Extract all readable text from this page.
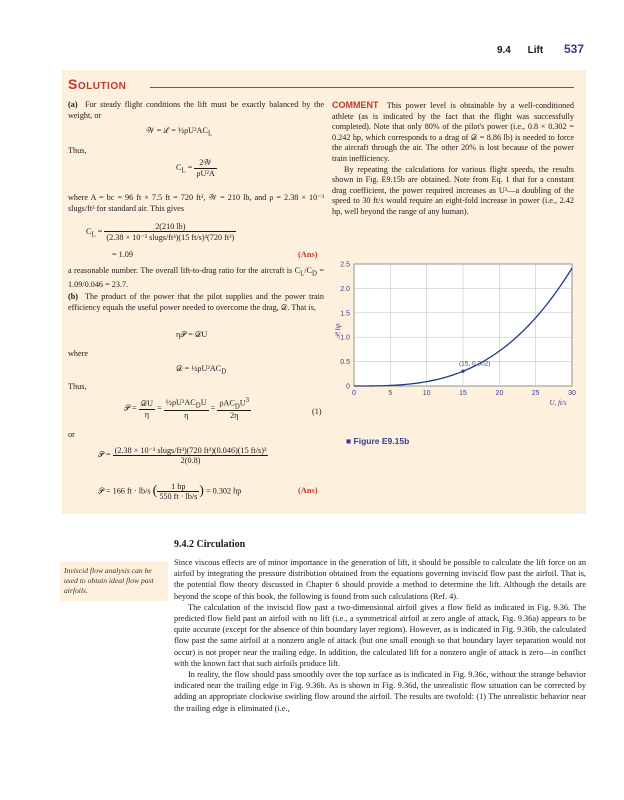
9.4 Lift 537
Solution
(a) For steady flight conditions the lift must be exactly balanced by the weight, or
𝒲 = ℒ = $\frac{1}{2}\rho U^2AC_L$
Thus,
$C_L = \frac{\text{2𝒲}}{\text{ρU²A}}$
where A = bc = 96 ft × 7.5 ft = 720 ft², 𝒲 = 210 lb, and ρ = 2.38 × 10⁻³ slugs/ft³ for standard air. This gives
$C_L = \frac{2(210 lb)}{\text{(2.38 × 10⁻³ slugs/ft³)(15 ft/s)²(720 ft²)}}$
= 1.09	(Ans)
a reasonable number. The overall lift-to-drag ratio for the aircraft is $C_L/C_D = 1.09/0.046 = 23.7$.
(b) The product of the power that the pilot supplies and the power train efficiency equals the useful power needed to overcome the drag, 𝒟. That is,
η𝒫 = 𝒟U
where
𝒟 = $\frac{1}{2}\rho U^2AC_D$
Thus,
𝒫 = $\frac{\text{𝒟U}}{\eta} = \frac{\frac{1}{2}\rho U^2AC_DU}{\eta} = \frac{\rho AC_DU^3}{2\eta}$	(1)
or
𝒫 = $\frac{\text{(2.38 × 10⁻³ slugs/ft³)(720 ft²)(0.046)(15 ft/s)³}}{2(0.8)}$
𝒫 = 166 ft · lb/s ( $\frac{1 hp}{550 ft \cdot lb/s}$ ) = 0.302 hp	(Ans)
COMMENT This power level is obtainable by a well-conditioned athlete (as is indicated by the fact that the flight was successfully completed). Note that only 80% of the pilot's power (i.e., 0.8 × 0.302 = 0.242 hp, which corresponds to a drag of 𝒟 = 8.86 lb) is needed to force the aircraft through the air. The other 20% is lost because of the power train inefficiency.
By repeating the calculations for various flight speeds, the results shown in Fig. E9.15b are obtained. Note from Eq. 1 that for a constant drag coefficient, the power required increases as U³—a doubling of the speed to 30 ft/s would require an eight-fold increase in power (i.e., 2.42 hp, well beyond the range of any human).
0	5	10	15	20	25	30
0
0.5
1.0
1.5
2.0
2.5
U, ft/s
𝒫, hp
(15, 0.302)
■ Figure E9.15b
9.4.2 Circulation
Inviscid flow analysis can be used to obtain ideal flow past airfoils.

Since viscous effects are of minor importance in the generation of lift, it should be possible to calculate the lift force on an airfoil by integrating the pressure distribution obtained from the equations governing inviscid flow past the airfoil. That is, the potential flow theory discussed in Chapter 6 should provide a method to determine the lift. Although the details are beyond the scope of this book, the following is found from such calculations (Ref. 4).

The calculation of the inviscid flow past a two-dimensional airfoil gives a flow field as indicated in Fig. 9.36. The predicted flow field past an airfoil with no lift (i.e., a symmetrical airfoil at zero angle of attack, Fig. 9.36a) appears to be quite accurate (except for the absence of thin boundary layer regions). However, as is indicated in Fig. 9.36b, the calculated flow past the same airfoil at a nonzero angle of attack (but one small enough so that boundary layer separation would not occur) is not proper near the trailing edge. In addition, the calculated lift for a nonzero angle of attack is zero—in conflict with the known fact that such airfoils produce lift.

In reality, the flow should pass smoothly over the top surface as is indicated in Fig. 9.36c, without the strange behavior indicated near the trailing edge in Fig. 9.36b. As is shown in Fig. 9.36d, the unrealistic flow situation can be corrected by adding an appropriate clockwise swirling flow around the airfoil. The results are twofold: (1) The unrealistic behavior near the trailing edge is eliminated (i.e.,
